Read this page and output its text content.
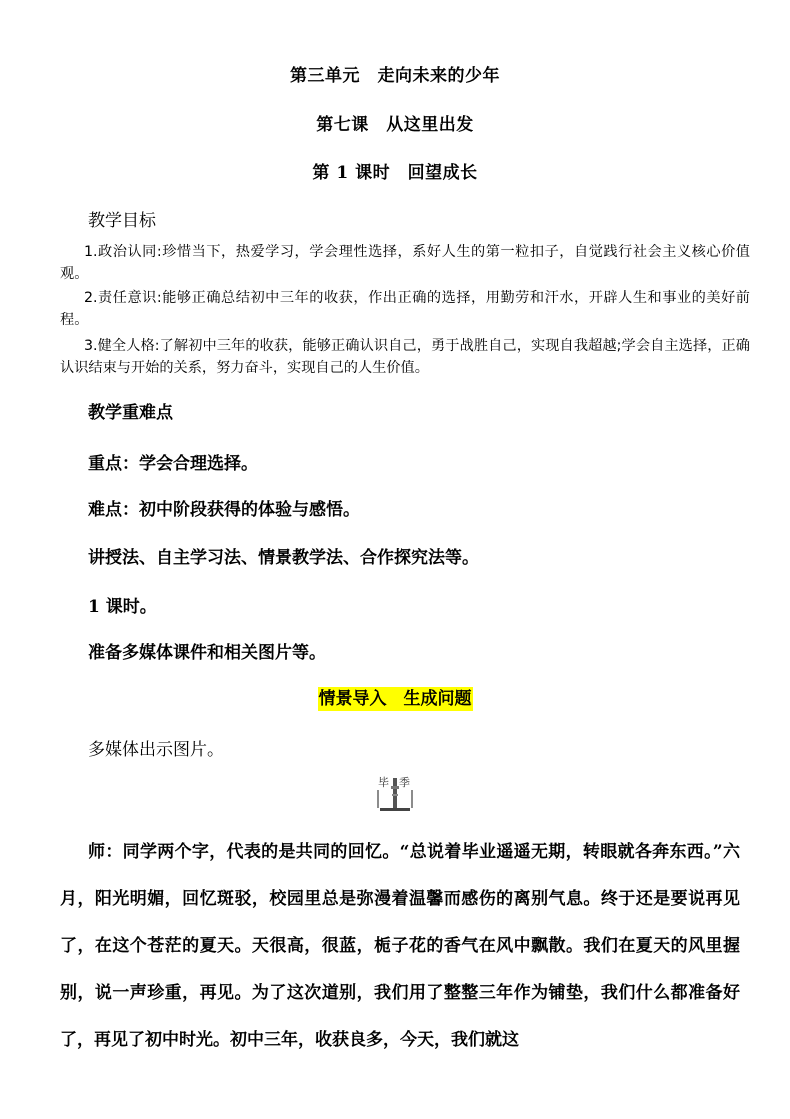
第三单元　走向未来的少年
第七课　从这里出发
第 1 课时　回望成长
教学目标

1.政治认同:珍惜当下，热爱学习，学会理性选择，系好人生的第一粒扣子，自觉践行社会主义核心价值观。

2.责任意识:能够正确总结初中三年的收获，作出正确的选择，用勤劳和汗水，开辟人生和事业的美好前程。

3.健全人格:了解初中三年的收获，能够正确认识自己，勇于战胜自己，实现自我超越;学会自主选择，正确认识结束与开始的关系，努力奋斗，实现自己的人生价值。

教学重难点
重点：学会合理选择。
难点：初中阶段获得的体验与感悟。
讲授法、自主学习法、情景教学法、合作探究法等。
1 课时。
准备多媒体课件和相关图片等。
情景导入　生成问题
多媒体出示图片。
毕 季

师：同学两个字，代表的是共同的回忆。“总说着毕业遥遥无期，转眼就各奔东西。”六月，阳光明媚，回忆斑驳，校园里总是弥漫着温馨而感伤的离别气息。终于还是要说再见了，在这个苍茫的夏天。天很高，很蓝，栀子花的香气在风中飘散。我们在夏天的风里握别，说一声珍重，再见。为了这次道别，我们用了整整三年作为铺垫，我们什么都准备好了，再见了初中时光。初中三年，收获良多，今天，我们就这
